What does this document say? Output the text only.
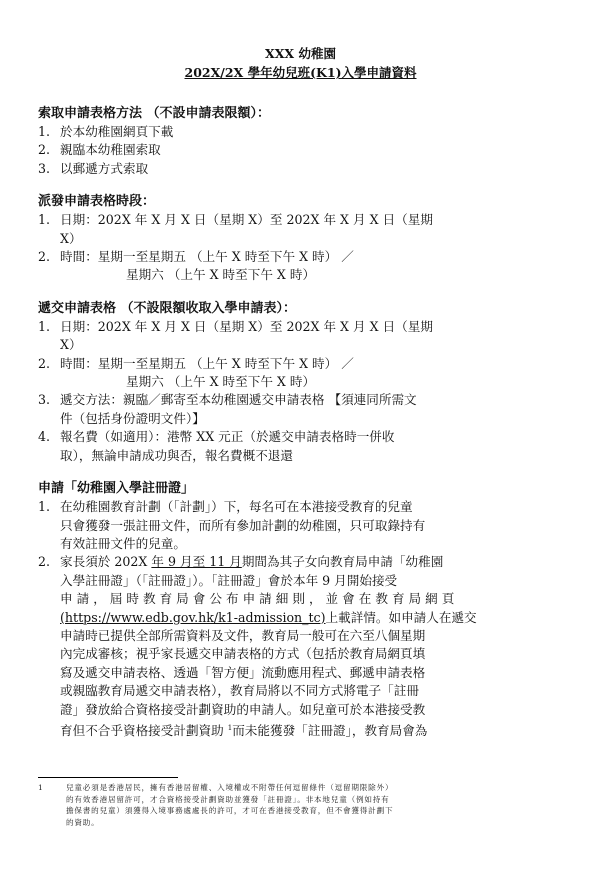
XXX 幼稚園
202X/2X 學年幼兒班(K1)入學申請資料
索取申請表格方法 （不設申請表限額）：
1. 於本幼稚園網頁下載
2. 親臨本幼稚園索取
3. 以郵遞方式索取
派發申請表格時段：
1. 日期：202X 年 X 月 X 日（星期 X）至 202X 年 X 月 X 日（星期
X）
2. 時間：星期一至星期五 （上午 X 時至下午 X 時） ／
星期六 （上午 X 時至下午 X 時）
遞交申請表格 （不設限額收取入學申請表）：
1. 日期：202X 年 X 月 X 日（星期 X）至 202X 年 X 月 X 日（星期
X）
2. 時間：星期一至星期五 （上午 X 時至下午 X 時） ／
星期六 （上午 X 時至下午 X 時）
3. 遞交方法：親臨／郵寄至本幼稚園遞交申請表格 【須連同所需文
件（包括身份證明文件）】
4. 報名費（如適用）：港幣 XX 元正（於遞交申請表格時一併收
取），無論申請成功與否，報名費概不退還
申請「幼稚園入學註冊證」
1. 在幼稚園教育計劃（「計劃」）下，每名可在本港接受教育的兒童
只會獲發一張註冊文件，而所有參加計劃的幼稚園，只可取錄持有
有效註冊文件的兒童。
2. 家長須於 202X 年 9 月至 11 月期間為其子女向教育局申請「幼稚園
入學註冊證」（「註冊證」）。「註冊證」會於本年 9 月開始接受
申 請 ， 屆 時 教 育 局 會 公 布 申 請 細 則 ， 並 會 在 教 育 局 網 頁
(https://www.edb.gov.hk/k1-admission_tc)上載詳情。如申請人在遞交
申請時已提供全部所需資料及文件，教育局一般可在六至八個星期
內完成審核；視乎家長遞交申請表格的方式（包括於教育局網頁填
寫及遞交申請表格、透過「智方便」流動應用程式、郵遞申請表格
或親臨教育局遞交申請表格），教育局將以不同方式將電子「註冊
證」發放給合資格接受計劃資助的申請人。如兒童可於本港接受教
育但不合乎資格接受計劃資助 $^1$而未能獲發「註冊證」，教育局會為
1	兒童必須是香港居民，擁有香港居留權、入境權或不附帶任何逗留條件（逗留期限除外）
的有效香港居留許可，才合資格接受計劃資助並獲發「註冊證」。非本地兒童（例如持有
擔保書的兒童）須獲得入境事務處處長的許可，才可在香港接受教育，但不會獲得計劃下
的資助。
